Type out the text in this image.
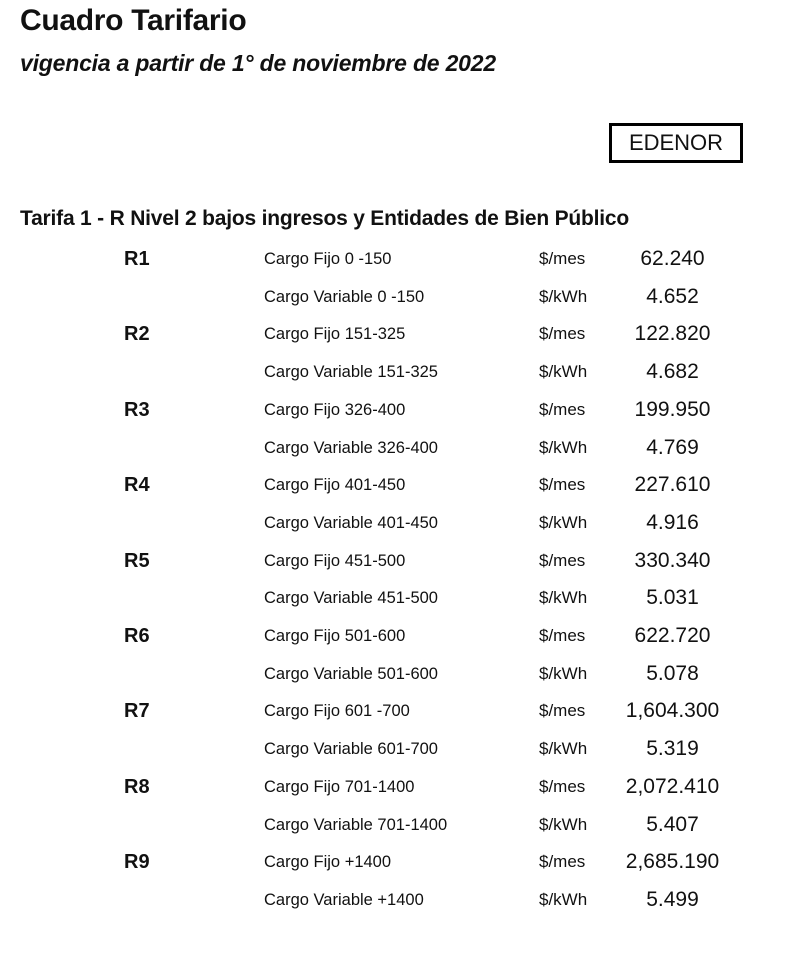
Cuadro Tarifario
vigencia a partir de 1° de noviembre de 2022
EDENOR
Tarifa 1 - R Nivel 2 bajos ingresos y Entidades de Bien Público
R1	Cargo Fijo 0 -150	$/mes	62.240
Cargo Variable 0 -150	$/kWh	4.652
R2	Cargo Fijo 151-325	$/mes	122.820
Cargo Variable 151-325	$/kWh	4.682
R3	Cargo Fijo 326-400	$/mes	199.950
Cargo Variable 326-400	$/kWh	4.769
R4	Cargo Fijo 401-450	$/mes	227.610
Cargo Variable 401-450	$/kWh	4.916
R5	Cargo Fijo 451-500	$/mes	330.340
Cargo Variable 451-500	$/kWh	5.031
R6	Cargo Fijo 501-600	$/mes	622.720
Cargo Variable 501-600	$/kWh	5.078
R7	Cargo Fijo 601 -700	$/mes	1,604.300
Cargo Variable 601-700	$/kWh	5.319
R8	Cargo Fijo 701-1400	$/mes	2,072.410
Cargo Variable 701-1400	$/kWh	5.407
R9	Cargo Fijo +1400	$/mes	2,685.190
Cargo Variable +1400	$/kWh	5.499
